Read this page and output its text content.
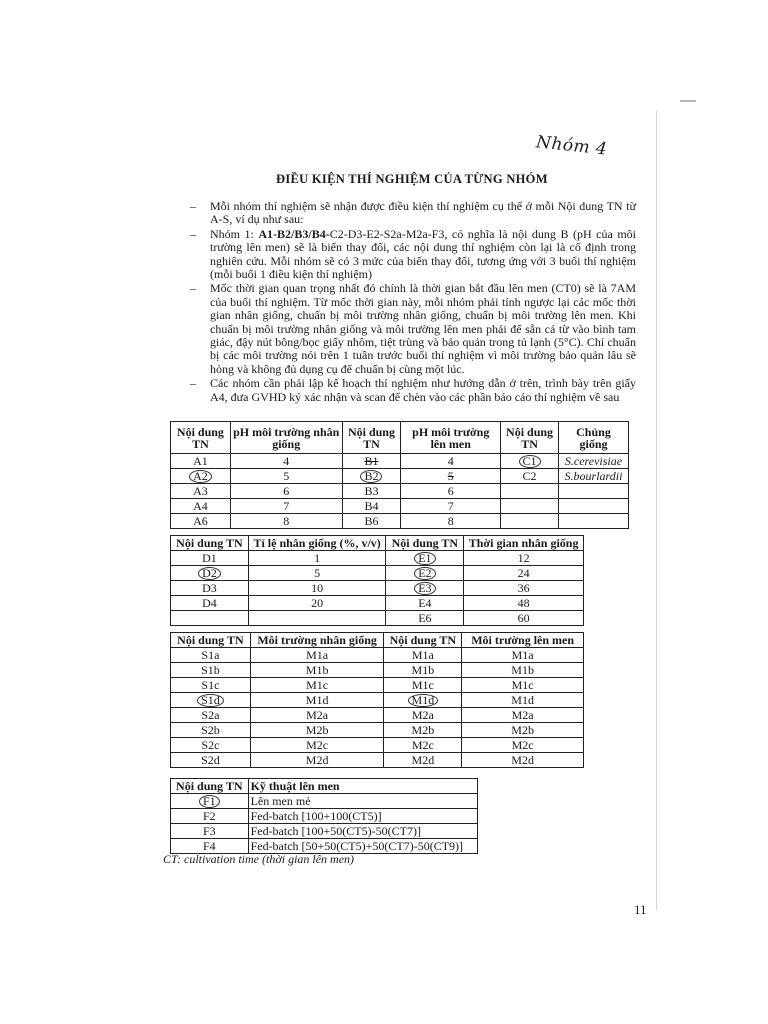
Nhóm 4
ĐIỀU KIỆN THÍ NGHIỆM CỦA TỪNG NHÓM

– Mỗi nhóm thí nghiệm sẽ nhận được điều kiện thí nghiệm cụ thể ở mỗi Nội dung TN từ A-S, ví dụ như sau:

– Nhóm 1: A1-B2/B3/B4-C2-D3-E2-S2a-M2a-F3, có nghĩa là nội dung B (pH của môi trường lên men) sẽ là biến thay đổi, các nội dung thí nghiệm còn lại là cố định trong nghiên cứu. Mỗi nhóm sẽ có 3 mức của biến thay đổi, tương ứng với 3 buổi thí nghiệm (mỗi buổi 1 điều kiện thí nghiệm)

– Mốc thời gian quan trọng nhất đó chính là thời gian bắt đầu lên men (CT0) sẽ là 7AM của buổi thí nghiệm. Từ mốc thời gian này, mỗi nhóm phải tính ngược lại các mốc thời gian nhân giống, chuẩn bị môi trường nhân giống, chuẩn bị môi trường lên men. Khi chuẩn bị môi trường nhân giống và môi trường lên men phải để sẵn cá từ vào bình tam giác, đậy nút bông/bọc giấy nhôm, tiệt trùng và bảo quản trong tủ lạnh (5°C). Chỉ chuẩn bị các môi trường nói trên 1 tuần trước buổi thí nghiệm vì môi trường bảo quản lâu sẽ hỏng và không đủ dụng cụ để chuẩn bị cùng một lúc.

– Các nhóm cần phải lập kế hoạch thí nghiệm như hướng dẫn ở trên, trình bày trên giấy A4, đưa GVHD ký xác nhận và scan để chèn vào các phần báo cáo thí nghiệm về sau

Nội dung TN	pH môi trường nhân giống	Nội dung TN	pH môi trường lên men	Nội dung TN	Chủng giống
A1	4	B1	4	C1	S.cerevisiae
A2	5	B2	5	C2	S.bourlardii
A3	6	B3	6		
A4	7	B4	7		
A6	8	B6	8		
Nội dung TN	Tỉ lệ nhân giống (%, v/v)	Nội dung TN	Thời gian nhân giống
D1	1	E1	12
D2	5	E2	24
D3	10	E3	36
D4	20	E4	48
		E6	60
Nội dung TN	Môi trường nhân giống	Nội dung TN	Môi trường lên men
S1a	M1a	M1a	M1a
S1b	M1b	M1b	M1b
S1c	M1c	M1c	M1c
S1d	M1d	M1d	M1d
S2a	M2a	M2a	M2a
S2b	M2b	M2b	M2b
S2c	M2c	M2c	M2c
S2d	M2d	M2d	M2d
Nội dung TN	Kỹ thuật lên men
F1	Lên men mẻ
F2	Fed-batch [100+100(CT5)]
F3	Fed-batch [100+50(CT5)-50(CT7)]
F4	Fed-batch [50+50(CT5)+50(CT7)-50(CT9)]
CT: cultivation time (thời gian lên men)
11
